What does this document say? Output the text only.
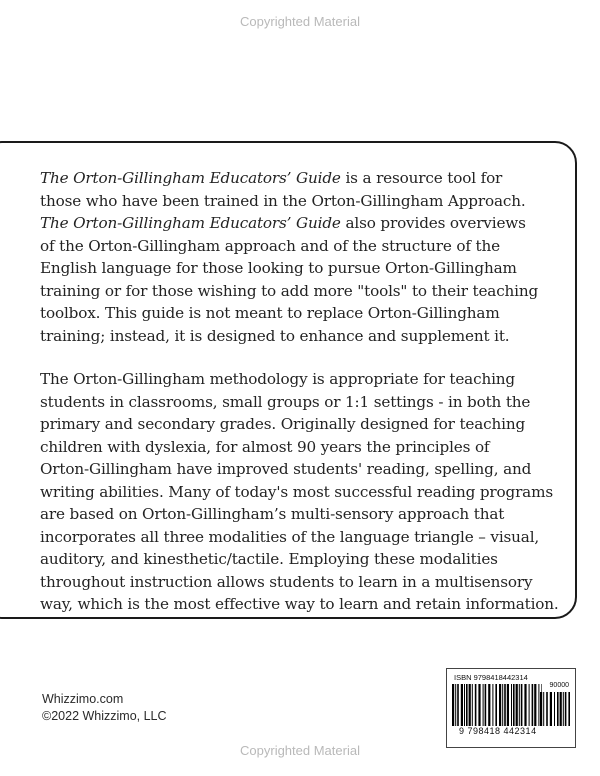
Copyrighted Material
The Orton-Gillingham Educators’ Guide is a resource tool for
those who have been trained in the Orton-Gillingham Approach.
The Orton-Gillingham Educators’ Guide also provides overviews
of the Orton-Gillingham approach and of the structure of the
English language for those looking to pursue Orton-Gillingham
training or for those wishing to add more "tools" to their teaching
toolbox. This guide is not meant to replace Orton-Gillingham
training; instead, it is designed to enhance and supplement it.
The Orton-Gillingham methodology is appropriate for teaching
students in classrooms, small groups or 1:1 settings - in both the
primary and secondary grades. Originally designed for teaching
children with dyslexia, for almost 90 years the principles of
Orton-Gillingham have improved students' reading, spelling, and
writing abilities. Many of today's most successful reading programs
are based on Orton-Gillingham’s multi-sensory approach that
incorporates all three modalities of the language triangle – visual,
auditory, and kinesthetic/tactile. Employing these modalities
throughout instruction allows students to learn in a multisensory
way, which is the most effective way to learn and retain information.
Whizzimo.com
©2022 Whizzimo, LLC
ISBN 9798418442314
90000
9 798418 442314
Copyrighted Material
